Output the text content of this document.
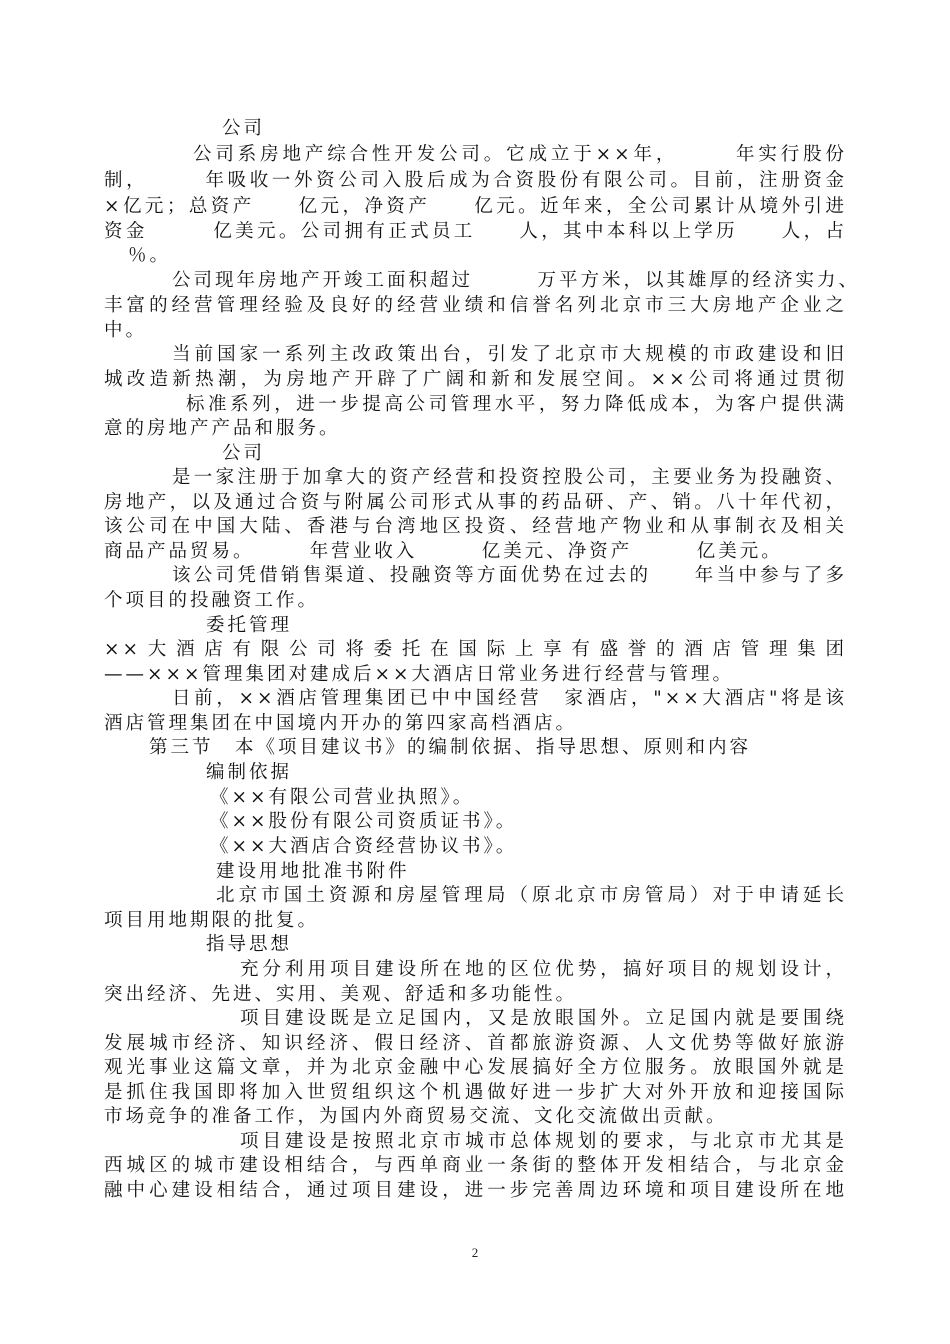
公司
公司系房地产综合性开发公司。它成立于××年，　　　年实行股份
制，　　　年吸收一外资公司入股后成为合资股份有限公司。目前，注册资金
×亿元；总资产　　亿元，净资产　　亿元。近年来，全公司累计从境外引进
资金　　　亿美元。公司拥有正式员工　　人，其中本科以上学历　　人，占
％。
公司现年房地产开竣工面积超过　　　万平方米，以其雄厚的经济实力、
丰富的经营管理经验及良好的经营业绩和信誉名列北京市三大房地产企业之
中。
当前国家一系列主改政策出台，引发了北京市大规模的市政建设和旧
城改造新热潮，为房地产开辟了广阔和新和发展空间。××公司将通过贯彻
标准系列，进一步提高公司管理水平，努力降低成本，为客户提供满
意的房地产产品和服务。
公司
是一家注册于加拿大的资产经营和投资控股公司，主要业务为投融资、
房地产，以及通过合资与附属公司形式从事的药品研、产、销。八十年代初，
该公司在中国大陆、香港与台湾地区投资、经营地产物业和从事制衣及相关
商品产品贸易。　　　年营业收入　　　亿美元、净资产　　　亿美元。
该公司凭借销售渠道、投融资等方面优势在过去的　　年当中参与了多
个项目的投融资工作。
委托管理
××大酒店有限公司将委托在国际上享有盛誉的酒店管理集团
——×××管理集团对建成后××大酒店日常业务进行经营与管理。
日前，××酒店管理集团已中中国经营　家酒店，"××大酒店"将是该
酒店管理集团在中国境内开办的第四家高档酒店。
第三节　本《项目建议书》的编制依据、指导思想、原则和内容
编制依据
《××有限公司营业执照》。
《××股份有限公司资质证书》。
《××大酒店合资经营协议书》。
建设用地批准书附件
北京市国土资源和房屋管理局（原北京市房管局）对于申请延长
项目用地期限的批复。
指导思想
充分利用项目建设所在地的区位优势，搞好项目的规划设计，
突出经济、先进、实用、美观、舒适和多功能性。
项目建设既是立足国内，又是放眼国外。立足国内就是要围绕
发展城市经济、知识经济、假日经济、首都旅游资源、人文优势等做好旅游
观光事业这篇文章，并为北京金融中心发展搞好全方位服务。放眼国外就是
是抓住我国即将加入世贸组织这个机遇做好进一步扩大对外开放和迎接国际
市场竞争的准备工作，为国内外商贸易交流、文化交流做出贡献。
项目建设是按照北京市城市总体规划的要求，与北京市尤其是
西城区的城市建设相结合，与西单商业一条街的整体开发相结合，与北京金
融中心建设相结合，通过项目建设，进一步完善周边环境和项目建设所在地
2
